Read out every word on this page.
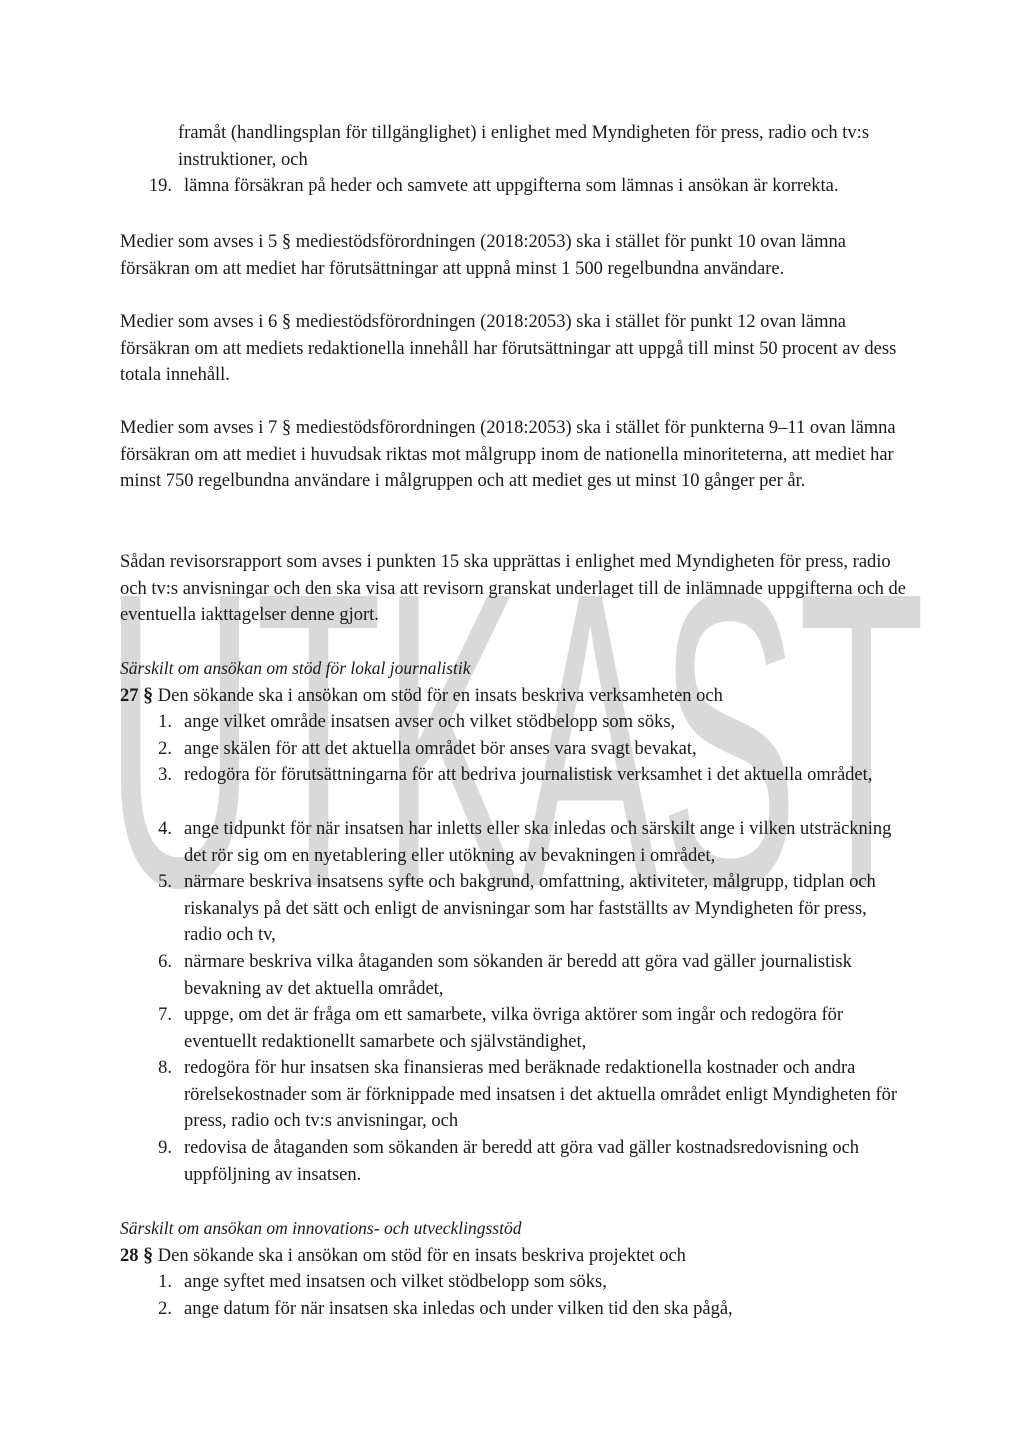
UTKAST

framåt (handlingsplan för tillgänglighet) i enlighet med Myndigheten för press, radio och tv:s instruktioner, och

19. lämna försäkran på heder och samvete att uppgifterna som lämnas i ansökan är korrekta.

Medier som avses i 5 § mediestödsförordningen (2018:2053) ska i stället för punkt 10 ovan lämna försäkran om att mediet har förutsättningar att uppnå minst 1 500 regelbundna användare.

Medier som avses i 6 § mediestödsförordningen (2018:2053) ska i stället för punkt 12 ovan lämna försäkran om att mediets redaktionella innehåll har förutsättningar att uppgå till minst 50 procent av dess totala innehåll.

Medier som avses i 7 § mediestödsförordningen (2018:2053) ska i stället för punkterna 9–11 ovan lämna försäkran om att mediet i huvudsak riktas mot målgrupp inom de nationella minoriteterna, att mediet har minst 750 regelbundna användare i målgruppen och att mediet ges ut minst 10 gånger per år.

Sådan revisorsrapport som avses i punkten 15 ska upprättas i enlighet med Myndigheten för press, radio och tv:s anvisningar och den ska visa att revisorn granskat underlaget till de inlämnade uppgifterna och de eventuella iakttagelser denne gjort.

Särskilt om ansökan om stöd för lokal journalistik

27 § Den sökande ska i ansökan om stöd för en insats beskriva verksamheten och

1. ange vilket område insatsen avser och vilket stödbelopp som söks,
2. ange skälen för att det aktuella området bör anses vara svagt bevakat,
3. redogöra för förutsättningarna för att bedriva journalistisk verksamhet i det aktuella området,
4. ange tidpunkt för när insatsen har inletts eller ska inledas och särskilt ange i vilken utsträckning det rör sig om en nyetablering eller utökning av bevakningen i området,
5. närmare beskriva insatsens syfte och bakgrund, omfattning, aktiviteter, målgrupp, tidplan och riskanalys på det sätt och enligt de anvisningar som har fastställts av Myndigheten för press, radio och tv,
6. närmare beskriva vilka åtaganden som sökanden är beredd att göra vad gäller journalistisk bevakning av det aktuella området,
7. uppge, om det är fråga om ett samarbete, vilka övriga aktörer som ingår och redogöra för eventuellt redaktionellt samarbete och självständighet,
8. redogöra för hur insatsen ska finansieras med beräknade redaktionella kostnader och andra rörelsekostnader som är förknippade med insatsen i det aktuella området enligt Myndigheten för press, radio och tv:s anvisningar, och
9. redovisa de åtaganden som sökanden är beredd att göra vad gäller kostnadsredovisning och uppföljning av insatsen.

Särskilt om ansökan om innovations- och utvecklingsstöd

28 § Den sökande ska i ansökan om stöd för en insats beskriva projektet och

1. ange syftet med insatsen och vilket stödbelopp som söks,
2. ange datum för när insatsen ska inledas och under vilken tid den ska pågå,
